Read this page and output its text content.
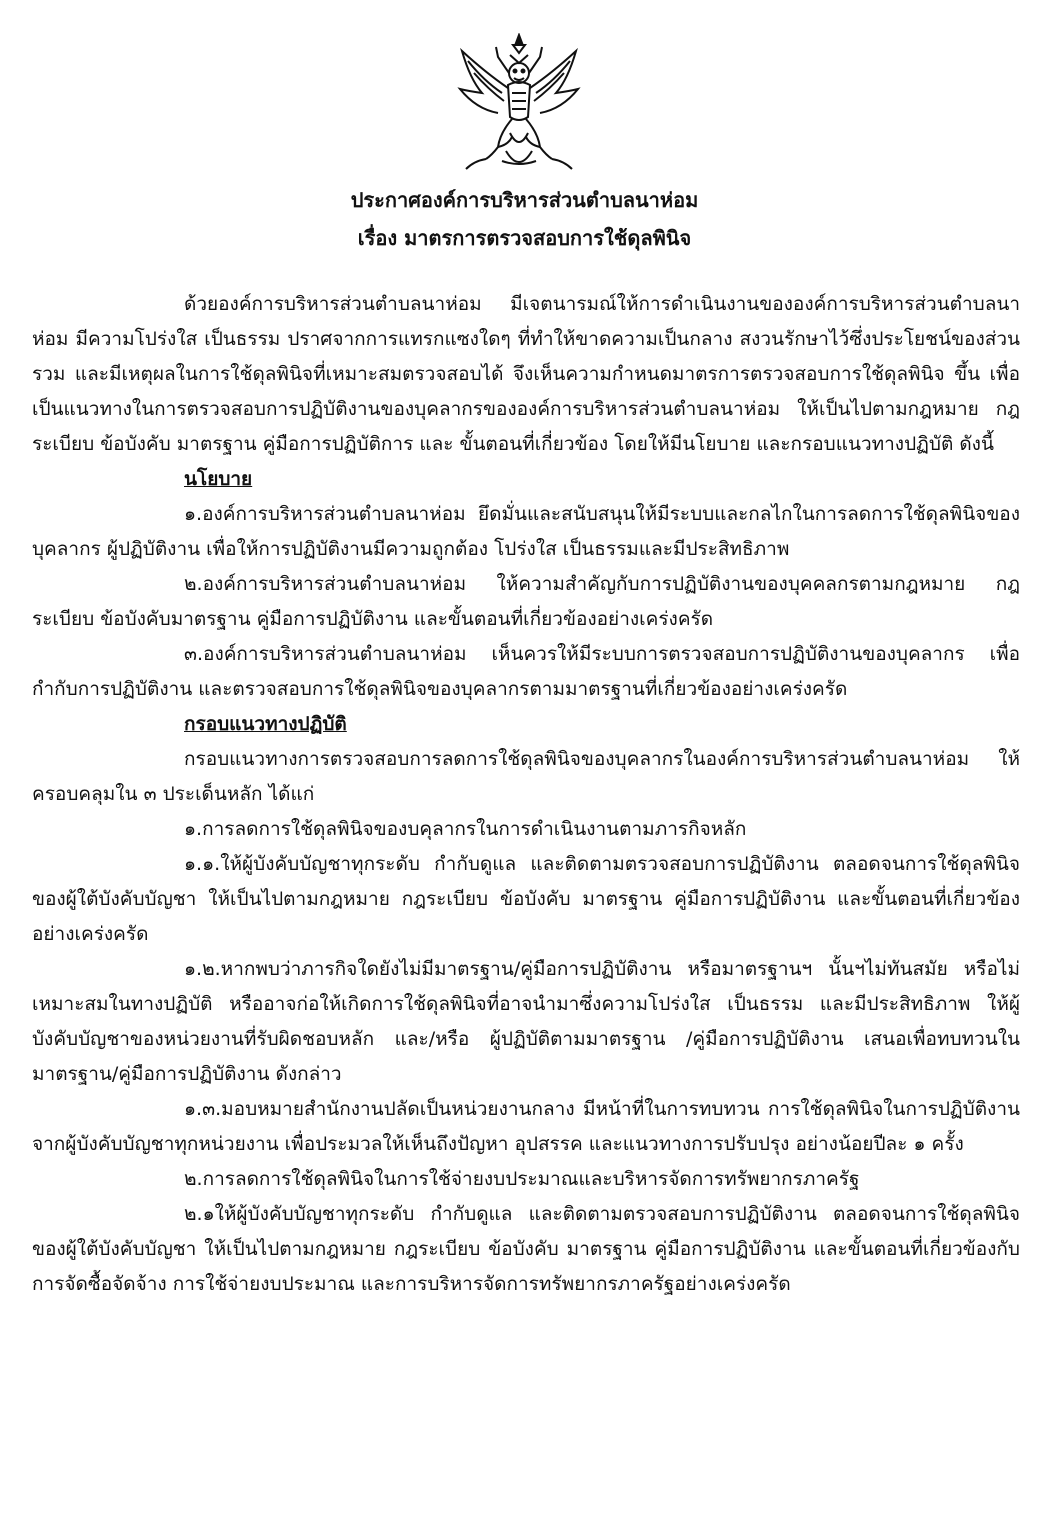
ประกาศองค์การบริหารส่วนตำบลนาห่อม
เรื่อง มาตรการตรวจสอบการใช้ดุลพินิจ

ด้วยองค์การบริหารส่วนตำบลนาห่อม มีเจตนารมณ์ให้การดำเนินงานขององค์การบริหารส่วนตำบลนาห่อม มีความโปร่งใส เป็นธรรม ปราศจากการแทรกแซงใดๆ ที่ทำให้ขาดความเป็นกลาง สงวนรักษาไว้ซึ่งประโยชน์ของส่วนรวม และมีเหตุผลในการใช้ดุลพินิจที่เหมาะสมตรวจสอบได้ จึงเห็นความกำหนดมาตรการตรวจสอบการใช้ดุลพินิจ ขึ้น เพื่อเป็นแนวทางในการตรวจสอบการปฏิบัติงานของบุคลากรขององค์การบริหารส่วนตำบลนาห่อม ให้เป็นไปตามกฎหมาย กฎระเบียบ ข้อบังคับ มาตรฐาน คู่มือการปฏิบัติการ และ ขั้นตอนที่เกี่ยวข้อง โดยให้มีนโยบาย และกรอบแนวทางปฏิบัติ ดังนี้

นโยบาย

๑.องค์การบริหารส่วนตำบลนาห่อม ยึดมั่นและสนับสนุนให้มีระบบและกลไกในการลดการใช้ดุลพินิจของบุคลากร ผู้ปฏิบัติงาน เพื่อให้การปฏิบัติงานมีความถูกต้อง โปร่งใส เป็นธรรมและมีประสิทธิภาพ

๒.องค์การบริหารส่วนตำบลนาห่อม ให้ความสำคัญกับการปฏิบัติงานของบุคคลกรตามกฎหมาย กฎระเบียบ ข้อบังคับมาตรฐาน คู่มือการปฏิบัติงาน และขั้นตอนที่เกี่ยวข้องอย่างเคร่งครัด

๓.องค์การบริหารส่วนตำบลนาห่อม เห็นควรให้มีระบบการตรวจสอบการปฏิบัติงานของบุคลากร เพื่อกำกับการปฏิบัติงาน และตรวจสอบการใช้ดุลพินิจของบุคลากรตามมาตรฐานที่เกี่ยวข้องอย่างเคร่งครัด

กรอบแนวทางปฏิบัติ

กรอบแนวทางการตรวจสอบการลดการใช้ดุลพินิจของบุคลากรในองค์การบริหารส่วนตำบลนาห่อม ให้ครอบคลุมใน ๓ ประเด็นหลัก ได้แก่

๑.การลดการใช้ดุลพินิจของบคุลากรในการดำเนินงานตามภารกิจหลัก

๑.๑.ให้ผู้บังคับบัญชาทุกระดับ กำกับดูแล และติดตามตรวจสอบการปฏิบัติงาน ตลอดจนการใช้ดุลพินิจของผู้ใต้บังคับบัญชา ให้เป็นไปตามกฎหมาย กฎระเบียบ ข้อบังคับ มาตรฐาน คู่มือการปฏิบัติงาน และขั้นตอนที่เกี่ยวข้องอย่างเคร่งครัด

๑.๒.หากพบว่าภารกิจใดยังไม่มีมาตรฐาน/คู่มือการปฏิบัติงาน หรือมาตรฐานฯ นั้นฯไม่ทันสมัย หรือไม่เหมาะสมในทางปฏิบัติ หรืออาจก่อให้เกิดการใช้ดุลพินิจที่อาจนำมาซึ่งความโปร่งใส เป็นธรรม และมีประสิทธิภาพ ให้ผู้บังคับบัญชาของหน่วยงานที่รับผิดชอบหลัก และ/หรือ ผู้ปฏิบัติตามมาตรฐาน /คู่มือการปฏิบัติงาน เสนอเพื่อทบทวนในมาตรฐาน/คู่มือการปฏิบัติงาน ดังกล่าว

๑.๓.มอบหมายสำนักงานปลัดเป็นหน่วยงานกลาง มีหน้าที่ในการทบทวน การใช้ดุลพินิจในการปฏิบัติงานจากผู้บังคับบัญชาทุกหน่วยงาน เพื่อประมวลให้เห็นถึงปัญหา อุปสรรค และแนวทางการปรับปรุง อย่างน้อยปีละ ๑ ครั้ง

๒.การลดการใช้ดุลพินิจในการใช้จ่ายงบประมาณและบริหารจัดการทรัพยากรภาครัฐ

๒.๑ให้ผู้บังคับบัญชาทุกระดับ กำกับดูแล และติดตามตรวจสอบการปฏิบัติงาน ตลอดจนการใช้ดุลพินิจของผู้ใต้บังคับบัญชา ให้เป็นไปตามกฎหมาย กฎระเบียบ ข้อบังคับ มาตรฐาน คู่มือการปฏิบัติงาน และขั้นตอนที่เกี่ยวข้องกับการจัดซื้อจัดจ้าง การใช้จ่ายงบประมาณ และการบริหารจัดการทรัพยากรภาครัฐอย่างเคร่งครัด
